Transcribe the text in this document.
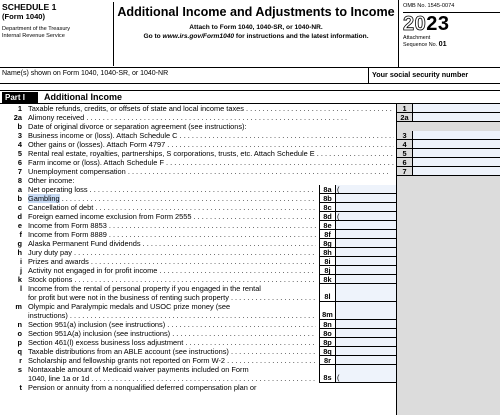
SCHEDULE 1
(Form 1040)
Department of the Treasury
Internal Revenue Service
Additional Income and Adjustments to Income
Attach to Form 1040, 1040-SR, or 1040-NR.
Go to www.irs.gov/Form1040 for instructions and the latest information.
OMB No. 1545-0074
2023
Attachment
Sequence No. 01
Name(s) shown on Form 1040, 1040-SR, or 1040-NR	Your social security number
Part I	Additional Income
1 Taxable refunds, credits, or offsets of state and local income taxes . . .	1
2a Alimony received . . .	2a
b Date of original divorce or separation agreement (see instructions):
3 Business income or (loss). Attach Schedule C . . .	3
4 Other gains or (losses). Attach Form 4797 . . .	4
5 Rental real estate, royalties, partnerships, S corporations, trusts, etc. Attach Schedule E . . .	5
6 Farm income or (loss). Attach Schedule F . . .	6
7 Unemployment compensation . . .	7
8 Other income:
a Net operating loss . . .	8a (
b Gambling . . .	8b
c Cancellation of debt . . .	8c
d Foreign earned income exclusion from Form 2555 . . .	8d (
e Income from Form 8853 . . .	8e
f Income from Form 8889 . . .	8f
g Alaska Permanent Fund dividends . . .	8g
h Jury duty pay . . .	8h
i Prizes and awards . . .	8i
j Activity not engaged in for profit income . . .	8j
k Stock options . . .	8k
l Income from the rental of personal property if you engaged in the rental
for profit but were not in the business of renting such property . . .	8l
m Olympic and Paralympic medals and USOC prize money (see
instructions) . . .	8m
n Section 951(a) inclusion (see instructions) . . .	8n
o Section 951A(a) inclusion (see instructions) . . .	8o
p Section 461(l) excess business loss adjustment . . .	8p
q Taxable distributions from an ABLE account (see instructions) . . .	8q
r Scholarship and fellowship grants not reported on Form W-2 . . .	8r
s Nontaxable amount of Medicaid waiver payments included on Form
1040, line 1a or 1d . . .	8s (
t Pension or annuity from a nonqualified deferred compensation plan or
